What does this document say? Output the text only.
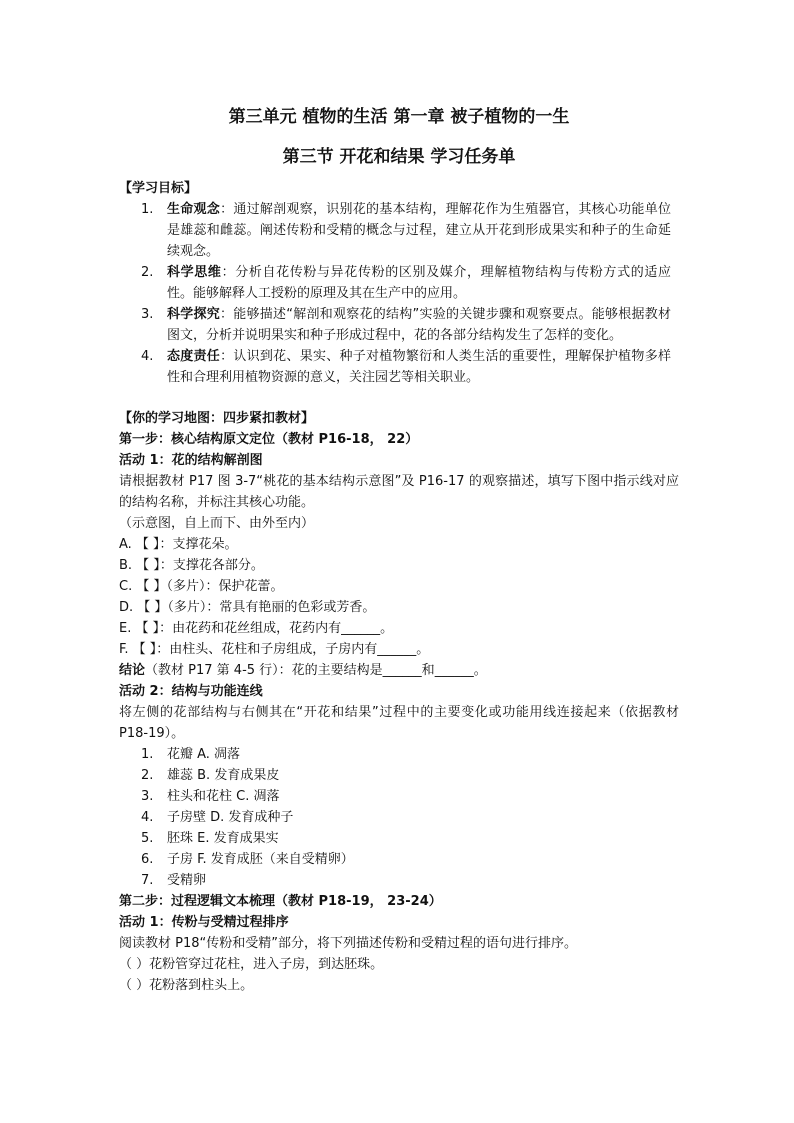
第三单元 植物的生活 第一章 被子植物的一生

第三节 开花和结果 学习任务单

【学习目标】

1.	生命观念：通过解剖观察，识别花的基本结构，理解花作为生殖器官，其核心功能单位是雄蕊和雌蕊。阐述传粉和受精的概念与过程，建立从开花到形成果实和种子的生命延续观念。
2.	科学思维：分析自花传粉与异花传粉的区别及媒介，理解植物结构与传粉方式的适应性。能够解释人工授粉的原理及其在生产中的应用。
3.	科学探究：能够描述“解剖和观察花的结构”实验的关键步骤和观察要点。能够根据教材图文，分析并说明果实和种子形成过程中，花的各部分结构发生了怎样的变化。
4.	态度责任：认识到花、果实、种子对植物繁衍和人类生活的重要性，理解保护植物多样性和合理利用植物资源的意义，关注园艺等相关职业。

【你的学习地图：四步紧扣教材】

第一步：核心结构原文定位（教材 P16-18， 22）

活动 1：花的结构解剖图

请根据教材 P17 图 3-7“桃花的基本结构示意图”及 P16-17 的观察描述，填写下图中指示线对应的结构名称，并标注其核心功能。

（示意图，自上而下、由外至内）

A. 【 】：支撑花朵。

B. 【 】：支撑花各部分。

C. 【 】（多片）：保护花蕾。

D. 【 】（多片）：常具有艳丽的色彩或芳香。

E. 【 】：由花药和花丝组成，花药内有______。

F. 【 】：由柱头、花柱和子房组成，子房内有______。

结论（教材 P17 第 4-5 行）：花的主要结构是______和______。

活动 2：结构与功能连线

将左侧的花部结构与右侧其在“开花和结果”过程中的主要变化或功能用线连接起来（依据教材 P18-19）。

1.	花瓣 A. 凋落
2.	雄蕊 B. 发育成果皮
3.	柱头和花柱 C. 凋落
4.	子房壁 D. 发育成种子
5.	胚珠 E. 发育成果实
6.	子房 F. 发育成胚（来自受精卵）
7.	受精卵

第二步：过程逻辑文本梳理（教材 P18-19， 23-24）

活动 1：传粉与受精过程排序

阅读教材 P18“传粉和受精”部分，将下列描述传粉和受精过程的语句进行排序。

（ ）花粉管穿过花柱，进入子房，到达胚珠。

（ ）花粉落到柱头上。
